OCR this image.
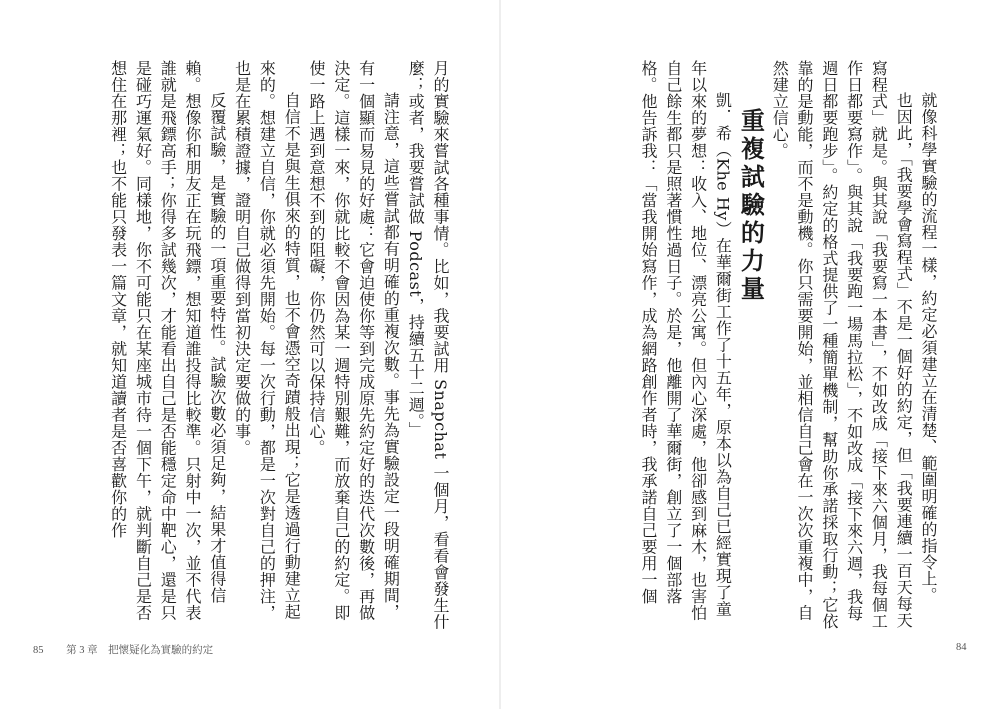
就像科學實驗的流程一樣，約定必須建立在清楚、範圍明確的指令上。

也因此，「我要學會寫程式」不是一個好的約定，但「我要連續一百天每天寫程式」就是。與其說「我要寫一本書」，不如改成「接下來六個月，我每個工作日都要寫作」。與其說「我要跑一場馬拉松」，不如改成「接下來六週，我每週日都要跑步」。約定的格式提供了一種簡單機制，幫助你承諾採取行動；它依靠的是動能，而不是動機。你只需要開始，並相信自己會在一次次重複中，自然建立信心。

重複試驗的力量

凱．希（Khe Hy）在華爾街工作了十五年，原本以為自己已經實現了童年以來的夢想：收入、地位、漂亮公寓。但內心深處，他卻感到麻木，也害怕自己餘生都只是照著慣性過日子。於是，他離開了華爾街，創立了一個部落格。他告訴我：「當我開始寫作，成為網路創作者時，我承諾自己要用一個

月的實驗來嘗試各種事情。比如，我要試用 Snapchat 一個月，看看會發生什麼；或者，我要嘗試做 Podcast，持續五十二週。」

請注意，這些嘗試都有明確的重複次數。事先為實驗設定一段明確期間，有一個顯而易見的好處：它會迫使你等到完成原先約定好的迭代次數後，再做決定。這樣一來，你就比較不會因為某一週特別艱難，而放棄自己的約定。即使一路上遇到意想不到的阻礙，你仍然可以保持信心。

自信不是與生俱來的特質，也不會憑空奇蹟般出現；它是透過行動建立起來的。想建立自信，你就必須先開始。每一次行動，都是一次對自己的押注，也是在累積證據，證明自己做得到當初決定要做的事。

反覆試驗，是實驗的一項重要特性。試驗次數必須足夠，結果才值得信賴。想像你和朋友正在玩飛鏢，想知道誰投得比較準。只射中一次，並不代表誰就是飛鏢高手；你得多試幾次，才能看出自己是否能穩定命中靶心，還是只是碰巧運氣好。同樣地，你不可能只在某座城市待一個下午，就判斷自己是否想住在那裡；也不能只發表一篇文章，就知道讀者是否喜歡你的作

85 第 3 章　把懷疑化為實驗的約定	84
